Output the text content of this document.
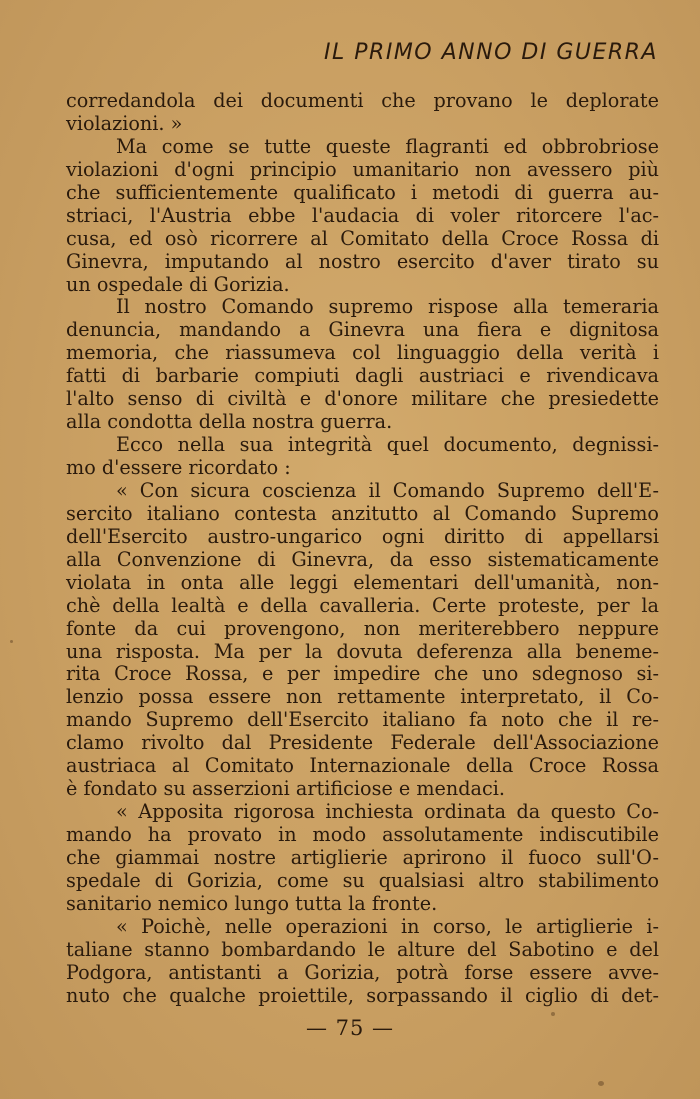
IL PRIMO ANNO DI GUERRA
corredandola dei documenti che provano le deplorate
violazioni. »
Ma come se tutte queste flagranti ed obbrobriose
violazioni d'ogni principio umanitario non avessero più
che sufficientemente qualificato i metodi di guerra au-
striaci, l'Austria ebbe l'audacia di voler ritorcere l'ac-
cusa, ed osò ricorrere al Comitato della Croce Rossa di
Ginevra, imputando al nostro esercito d'aver tirato su
un ospedale di Gorizia.
Il nostro Comando supremo rispose alla temeraria
denuncia, mandando a Ginevra una fiera e dignitosa
memoria, che riassumeva col linguaggio della verità i
fatti di barbarie compiuti dagli austriaci e rivendicava
l'alto senso di civiltà e d'onore militare che presiedette
alla condotta della nostra guerra.
Ecco nella sua integrità quel documento, degnissi-
mo d'essere ricordato :
« Con sicura coscienza il Comando Supremo dell'E-
sercito italiano contesta anzitutto al Comando Supremo
dell'Esercito austro-ungarico ogni diritto di appellarsi
alla Convenzione di Ginevra, da esso sistematicamente
violata in onta alle leggi elementari dell'umanità, non-
chè della lealtà e della cavalleria. Certe proteste, per la
fonte da cui provengono, non meriterebbero neppure
una risposta. Ma per la dovuta deferenza alla beneme-
rita Croce Rossa, e per impedire che uno sdegnoso si-
lenzio possa essere non rettamente interpretato, il Co-
mando Supremo dell'Esercito italiano fa noto che il re-
clamo rivolto dal Presidente Federale dell'Associazione
austriaca al Comitato Internazionale della Croce Rossa
è fondato su asserzioni artificiose e mendaci.
« Apposita rigorosa inchiesta ordinata da questo Co-
mando ha provato in modo assolutamente indiscutibile
che giammai nostre artiglierie aprirono il fuoco sull'O-
spedale di Gorizia, come su qualsiasi altro stabilimento
sanitario nemico lungo tutta la fronte.
« Poichè, nelle operazioni in corso, le artiglierie i-
taliane stanno bombardando le alture del Sabotino e del
Podgora, antistanti a Gorizia, potrà forse essere avve-
nuto che qualche proiettile, sorpassando il ciglio di det-
— 75 —
